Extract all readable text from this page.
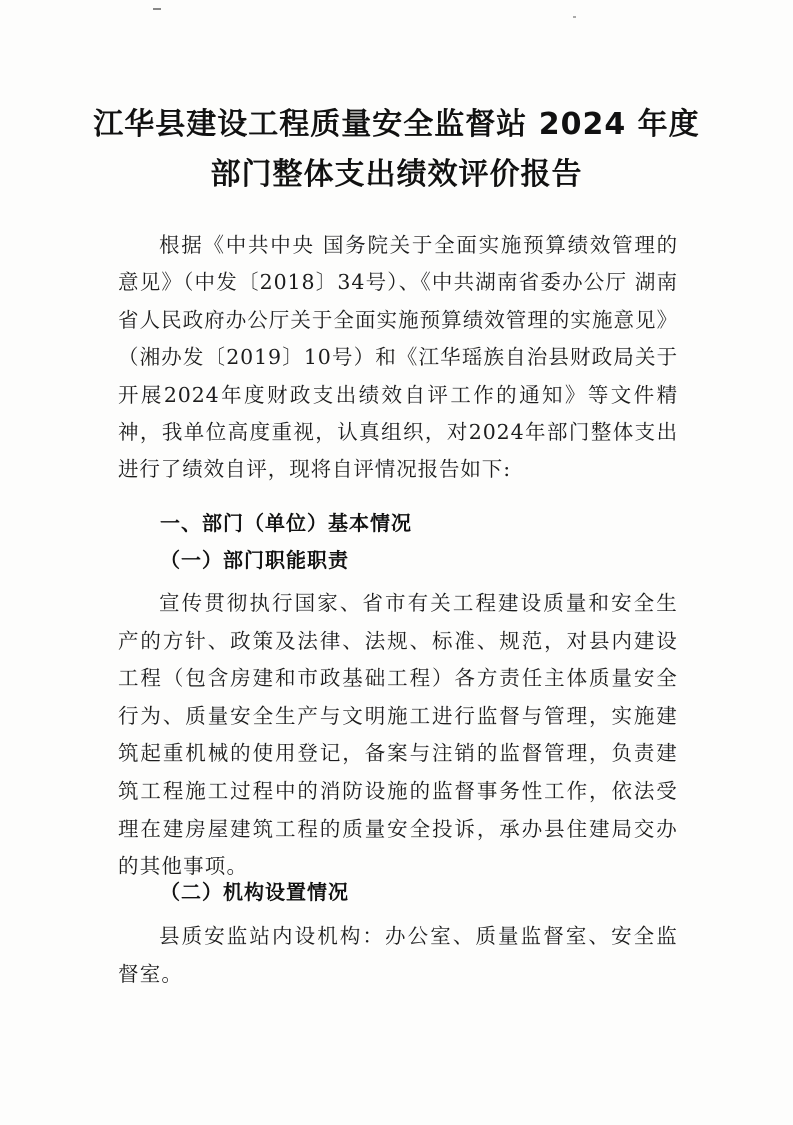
江华县建设工程质量安全监督站 2024 年度
部门整体支出绩效评价报告
根据《中共中央 国务院关于全面实施预算绩效管理的意见》（中发〔2018〕34号）、《中共湖南省委办公厅 湖南省人民政府办公厅关于全面实施预算绩效管理的实施意见》（湘办发〔2019〕10号）和《江华瑶族自治县财政局关于开展2024年度财政支出绩效自评工作的通知》等文件精神，我单位高度重视，认真组织，对2024年部门整体支出进行了绩效自评，现将自评情况报告如下:
一、部门（单位）基本情况
（一）部门职能职责
宣传贯彻执行国家、省市有关工程建设质量和安全生产的方针、政策及法律、法规、标准、规范，对县内建设工程（包含房建和市政基础工程）各方责任主体质量安全行为、质量安全生产与文明施工进行监督与管理，实施建筑起重机械的使用登记，备案与注销的监督管理，负责建筑工程施工过程中的消防设施的监督事务性工作，依法受理在建房屋建筑工程的质量安全投诉，承办县住建局交办的其他事项。
（二）机构设置情况
县质安监站内设机构：办公室、质量监督室、安全监督室。
